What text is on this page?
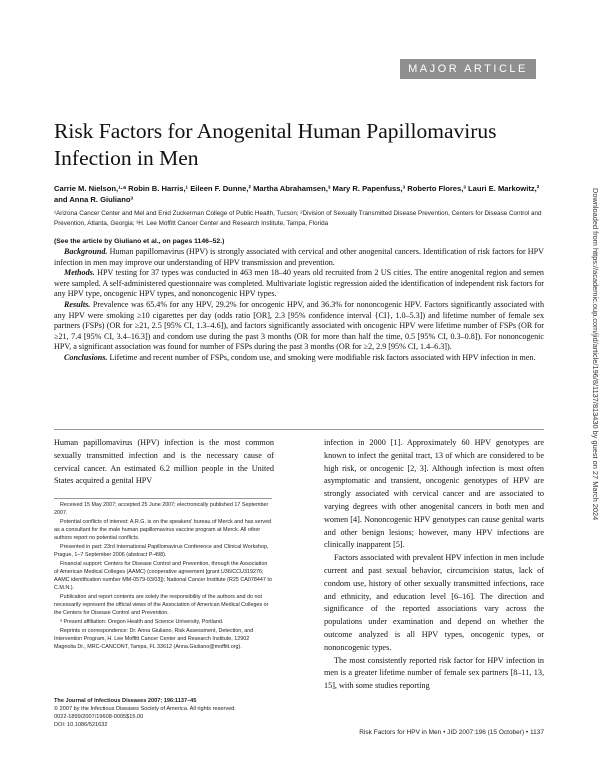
MAJOR ARTICLE
Downloaded from https://academic.oup.com/jid/article/196/8/1137/813430 by guest on 27 March 2024
Risk Factors for Anogenital Human Papillomavirus Infection in Men
Carrie M. Nielson,¹·ᵃ Robin B. Harris,¹ Eileen F. Dunne,² Martha Abrahamsen,³ Mary R. Papenfuss,³ Roberto Flores,³ Lauri E. Markowitz,² and Anna R. Giuliano³
¹Arizona Cancer Center and Mel and Enid Zuckerman College of Public Health, Tucson; ²Division of Sexually Transmitted Disease Prevention, Centers for Disease Control and Prevention, Atlanta, Georgia; ³H. Lee Moffitt Cancer Center and Research Institute, Tampa, Florida
(See the article by Giuliano et al., on pages 1146–52.)

Background. Human papillomavirus (HPV) is strongly associated with cervical and other anogenital cancers. Identification of risk factors for HPV infection in men may improve our understanding of HPV transmission and prevention.

Methods. HPV testing for 37 types was conducted in 463 men 18–40 years old recruited from 2 US cities. The entire anogenital region and semen were sampled. A self-administered questionnaire was completed. Multivariate logistic regression aided the identification of independent risk factors for any HPV type, oncogenic HPV types, and nononcogenic HPV types.

Results. Prevalence was 65.4% for any HPV, 29.2% for oncogenic HPV, and 36.3% for nononcogenic HPV. Factors significantly associated with any HPV were smoking ≥10 cigarettes per day (odds ratio [OR], 2.3 [95% confidence interval {CI}, 1.0–5.3]) and lifetime number of female sex partners (FSPs) (OR for ≥21, 2.5 [95% CI, 1.3–4.6]), and factors significantly associated with oncogenic HPV were lifetime number of FSPs (OR for ≥21, 7.4 [95% CI, 3.4–16.3]) and condom use during the past 3 months (OR for more than half the time, 0.5 [95% CI, 0.3–0.8]). For nononcogenic HPV, a significant association was found for number of FSPs during the past 3 months (OR for ≥2, 2.9 [95% CI, 1.4–6.3]).

Conclusions. Lifetime and recent number of FSPs, condom use, and smoking were modifiable risk factors associated with HPV infection in men.

Human papillomavirus (HPV) infection is the most common sexually transmitted infection and is the necessary cause of cervical cancer. An estimated 6.2 million people in the United States acquired a genital HPV

Received 15 May 2007; accepted 25 June 2007; electronically published 17 September 2007.

Potential conflicts of interest: A.R.G. is on the speakers' bureau of Merck and has served as a consultant for the male human papillomavirus vaccine program at Merck. All other authors report no potential conflicts.

Presented in part: 23rd International Papillomavirus Conference and Clinical Workshop, Prague, 1–7 September 2006 (abstract P-498).

Financial support: Centers for Disease Control and Prevention, through the Association of American Medical Colleges (AAMC) (cooperative agreement [grant U36/CCU319276; AAMC identification number MM-0579-03/03]); National Cancer Institute (R25 CA078447 to C.M.N.).

Publication and report contents are solely the responsibility of the authors and do not necessarily represent the official views of the Association of American Medical Colleges or the Centers for Disease Control and Prevention.

ᵃ Present affiliation: Oregon Health and Science University, Portland.

Reprints or correspondence: Dr. Anna Giuliano, Risk Assessment, Detection, and Intervention Program, H. Lee Moffitt Cancer Center and Research Institute, 12902 Magnolia Dr., MRC-CANCONT, Tampa, FL 33612 (Anna.Giuliano@moffitt.org).

The Journal of Infectious Diseases 2007; 196:1137–45
© 2007 by the Infectious Diseases Society of America. All rights reserved.
0022-1899/2007/19608-0005$15.00
DOI: 10.1086/521632

infection in 2000 [1]. Approximately 60 HPV genotypes are known to infect the genital tract, 13 of which are considered to be high risk, or oncogenic [2, 3]. Although infection is most often asymptomatic and transient, oncogenic genotypes of HPV are strongly associated with cervical cancer and are associated to varying degrees with other anogenital cancers in both men and women [4]. Nononcogenic HPV genotypes can cause genital warts and other benign lesions; however, many HPV infections are clinically inapparent [5].

Factors associated with prevalent HPV infection in men include current and past sexual behavior, circumcision status, lack of condom use, history of other sexually transmitted infections, race and ethnicity, and education level [6–16]. The direction and significance of the reported associations vary across the populations under examination and depend on whether the outcome analyzed is all HPV types, oncogenic types, or nononcogenic types.

The most consistently reported risk factor for HPV infection in men is a greater lifetime number of female sex partners [8–11, 13, 15], with some studies reporting

Risk Factors for HPV in Men • JID 2007:196 (15 October) • 1137
